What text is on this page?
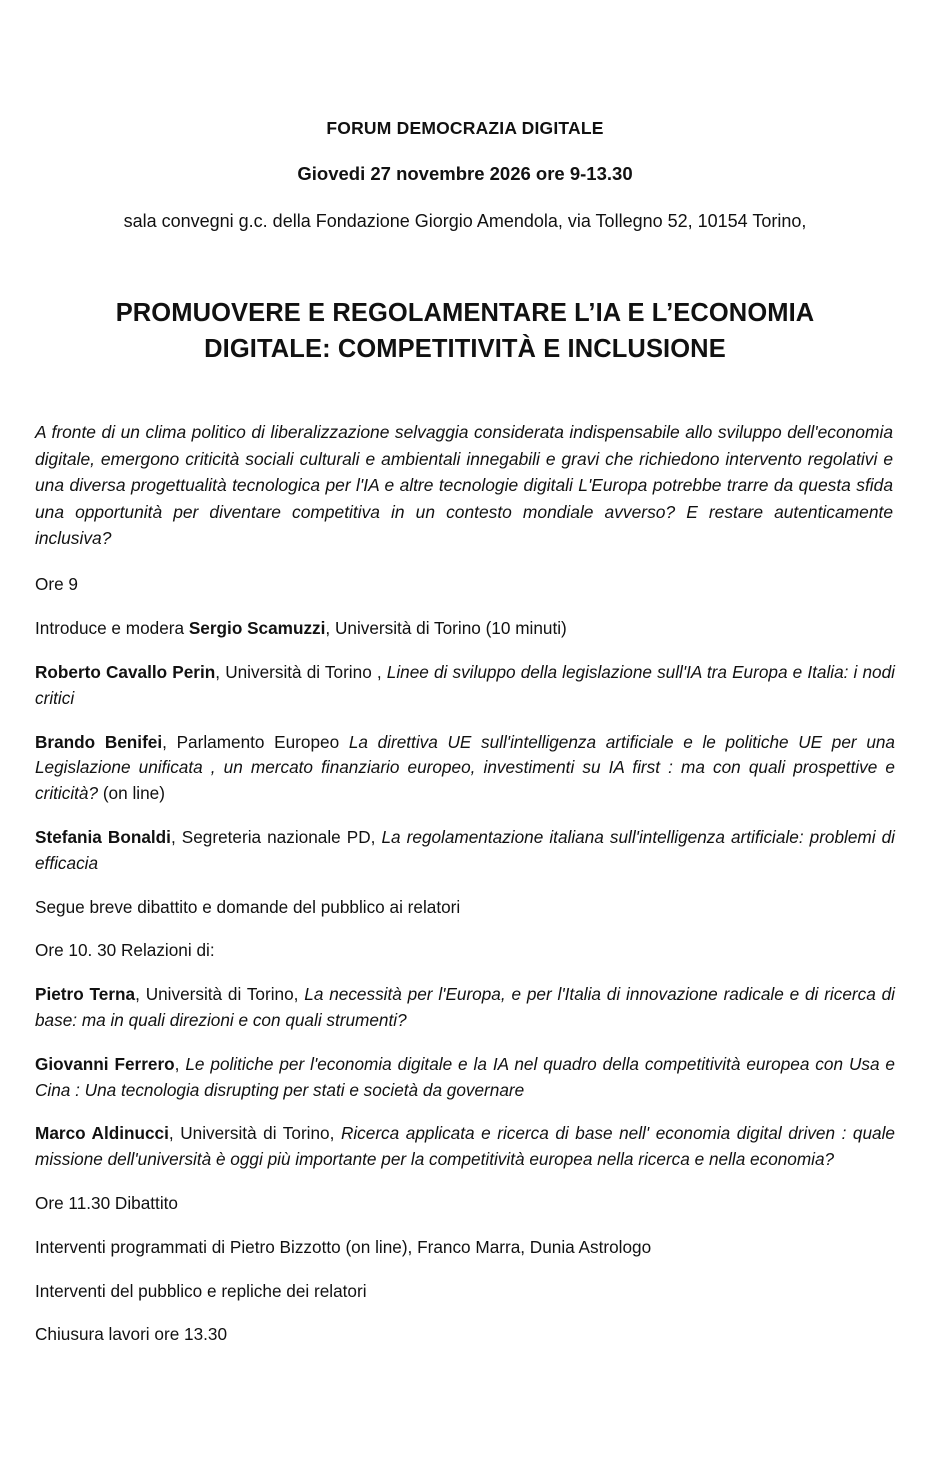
FORUM DEMOCRAZIA DIGITALE
Giovedi 27 novembre 2026 ore 9-13.30
sala convegni g.c. della Fondazione Giorgio Amendola, via Tollegno 52, 10154 Torino,
PROMUOVERE E REGOLAMENTARE L’IA E L’ECONOMIA
DIGITALE: COMPETITIVITÀ E INCLUSIONE
A fronte di un clima politico di liberalizzazione selvaggia considerata indispensabile allo sviluppo dell'economia digitale, emergono criticità sociali culturali e ambientali innegabili e gravi che richiedono intervento regolativi e una diversa progettualità tecnologica per l'IA e altre tecnologie digitali L'Europa potrebbe trarre da questa sfida una opportunità per diventare competitiva in un contesto mondiale avverso? E restare autenticamente inclusiva?
Ore 9
Introduce e modera Sergio Scamuzzi, Università di Torino (10 minuti)
Roberto Cavallo Perin, Università di Torino , Linee di sviluppo della legislazione sull'IA tra Europa e Italia: i nodi critici
Brando Benifei, Parlamento Europeo La direttiva UE sull'intelligenza artificiale e le politiche UE per una Legislazione unificata , un mercato finanziario europeo, investimenti su IA first : ma con quali prospettive e criticità? (on line)
Stefania Bonaldi, Segreteria nazionale PD, La regolamentazione italiana sull'intelligenza artificiale: problemi di efficacia
Segue breve dibattito e domande del pubblico ai relatori
Ore 10. 30 Relazioni di:
Pietro Terna, Università di Torino, La necessità per l'Europa, e per l'Italia di innovazione radicale e di ricerca di base: ma in quali direzioni e con quali strumenti?
Giovanni Ferrero, Le politiche per l'economia digitale e la IA nel quadro della competitività europea con Usa e Cina : Una tecnologia disrupting per stati e società da governare
Marco Aldinucci, Università di Torino, Ricerca applicata e ricerca di base nell' economia digital driven : quale missione dell'università è oggi più importante per la competitività europea nella ricerca e nella economia?
Ore 11.30 Dibattito
Interventi programmati di Pietro Bizzotto (on line), Franco Marra, Dunia Astrologo
Interventi del pubblico e repliche dei relatori
Chiusura lavori ore 13.30
